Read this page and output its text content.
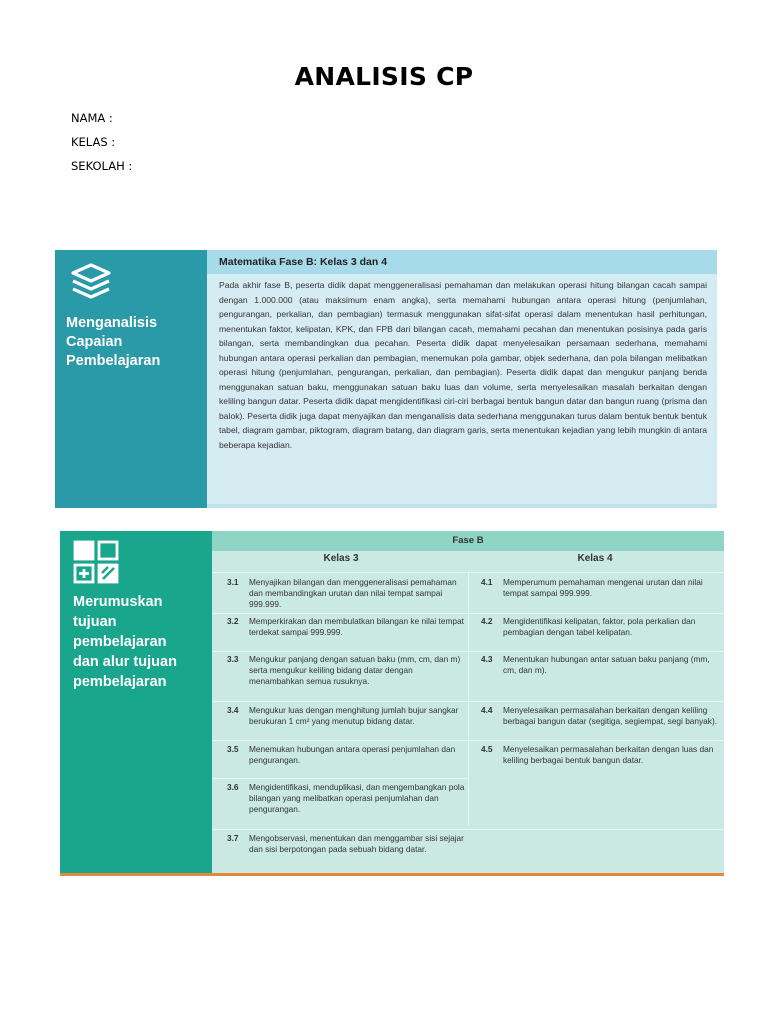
ANALISIS CP
NAMA :
KELAS :
SEKOLAH :
Menganalisis
Capaian
Pembelajaran
Matematika Fase B: Kelas 3 dan 4
Pada akhir fase B, peserta didik dapat menggeneralisasi pemahaman dan melakukan operasi hitung bilangan cacah sampai dengan 1.000.000 (atau maksimum enam angka), serta memahami hubungan antara operasi hitung (penjumlahan, pengurangan, perkalian, dan pembagian) termasuk menggunakan sifat-sifat operasi dalam menentukan hasil perhitungan, menentukan faktor, kelipatan, KPK, dan FPB dari bilangan cacah, memahami pecahan dan menentukan posisinya pada garis bilangan, serta membandingkan dua pecahan. Peserta didik dapat menyelesaikan persamaan sederhana, memahami hubungan antara operasi perkalian dan pembagian, menemukan pola gambar, objek sederhana, dan pola bilangan melibatkan operasi hitung (penjumlahan, pengurangan, perkalian, dan pembagian). Peserta didik dapat dan mengukur panjang benda menggunakan satuan baku, menggunakan satuan baku luas dan volume, serta menyelesaikan masalah berkaitan dengan keliling bangun datar. Peserta didik dapat mengidentifikasi ciri-ciri berbagai bentuk bangun datar dan bangun ruang (prisma dan balok). Peserta didik juga dapat menyajikan dan menganalisis data sederhana menggunakan turus dalam bentuk bentuk bentuk tabel, diagram gambar, piktogram, diagram batang, dan diagram garis, serta menentukan kejadian yang lebih mungkin di antara beberapa kejadian.
Merumuskan
tujuan
pembelajaran
dan alur tujuan
pembelajaran
Fase B
Kelas 3	Kelas 4
3.1 Menyajikan bilangan dan menggeneralisasi pemahaman dan membandingkan urutan dan nilai tempat sampai 999.999.
4.1 Memperumum pemahaman mengenai urutan dan nilai tempat sampai 999.999.
3.2 Memperkirakan dan membulatkan bilangan ke nilai tempat terdekat sampai 999.999.
4.2 Mengidentifikasi kelipatan, faktor, pola perkalian dan pembagian dengan tabel kelipatan.
3.3 Mengukur panjang dengan satuan baku (mm, cm, dan m) serta mengukur keliling bidang datar dengan menambahkan semua rusuknya.
4.3 Menentukan hubungan antar satuan baku panjang (mm, cm, dan m).
3.4 Mengukur luas dengan menghitung jumlah bujur sangkar berukuran 1 cm² yang menutup bidang datar.
4.4 Menyelesaikan permasalahan berkaitan dengan keliling berbagai bangun datar (segitiga, segiempat, segi banyak).
3.5 Menemukan hubungan antara operasi penjumlahan dan pengurangan.
4.5 Menyelesaikan permasalahan berkaitan dengan luas dan keliling berbagai bentuk bangun datar.
3.6 Mengidentifikasi, menduplikasi, dan mengembangkan pola bilangan yang melibatkan operasi penjumlahan dan pengurangan.
3.7 Mengobservasi, menentukan dan menggambar sisi sejajar dan sisi berpotongan pada sebuah bidang datar.
